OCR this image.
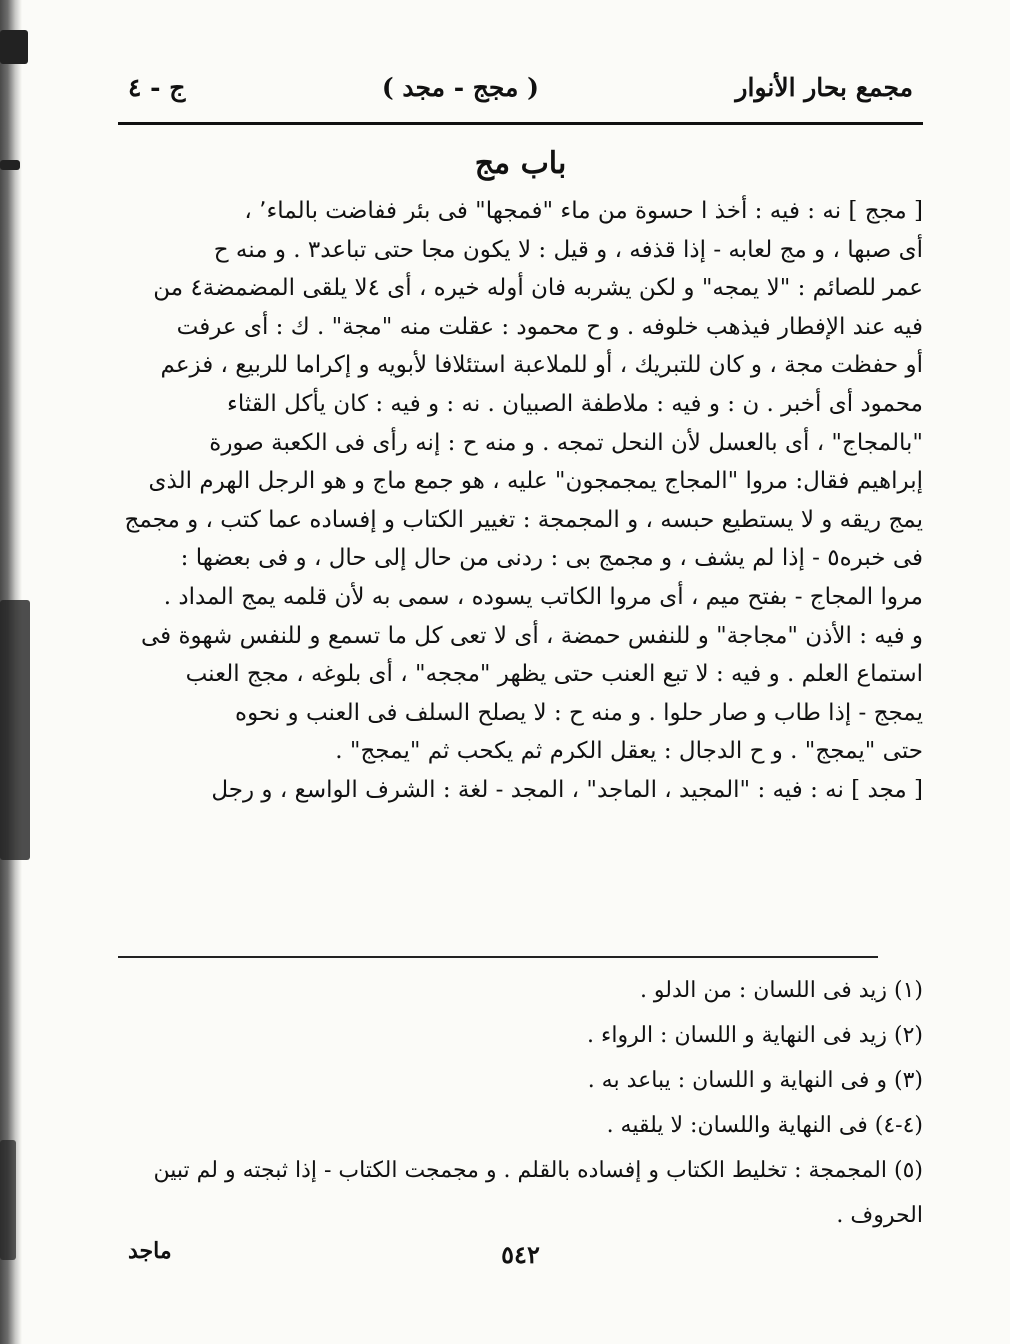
مجمع بحار الأنوار
( مجج - مجد )
ج - ٤
باب مج
[ مجج ] نه : فيه : أخذ ا حسوة من ماء "فمجها" فى بئر ففاضت بالماء٬ ،
أى صبها ، و مج لعابه - إذا قذفه ، و قيل : لا يكون مجا حتى تباعد٣ . و منه ح
عمر للصائم : "لا يمجه" و لكن يشربه فان أوله خيره ، أى ٤لا يلقى المضمضة٤ من
فيه عند الإفطار فيذهب خلوفه . و ح محمود : عقلت منه "مجة" . ك : أى عرفت
أو حفظت مجة ، و كان للتبريك ، أو للملاعبة استئلافا لأبويه و إكراما للربيع ، فزعم
محمود أى أخبر . ن : و فيه : ملاطفة الصبيان . نه : و فيه : كان يأكل القثاء
"بالمجاج" ، أى بالعسل لأن النحل تمجه . و منه ح : إنه رأى فى الكعبة صورة
إبراهيم فقال: مروا "المجاج يمجمجون" عليه ، هو جمع ماج و هو الرجل الهرم الذى
يمج ريقه و لا يستطيع حبسه ، و المجمجة : تغيير الكتاب و إفساده عما كتب ، و مجمج
فى خبره٥ - إذا لم يشف ، و مجمج بى : ردنى من حال إلى حال ، و فى بعضها :
مروا المجاج - بفتح ميم ، أى مروا الكاتب يسوده ، سمى به لأن قلمه يمج المداد .
و فيه : الأذن "مجاجة" و للنفس حمضة ، أى لا تعى كل ما تسمع و للنفس شهوة فى
استماع العلم . و فيه : لا تبع العنب حتى يظهر "مججه" ، أى بلوغه ، مجج العنب
يمجج - إذا طاب و صار حلوا . و منه ح : لا يصلح السلف فى العنب و نحوه
حتى "يمجج" . و ح الدجال : يعقل الكرم ثم يكحب ثم "يمجج" .
[ مجد ] نه : فيه : "المجيد ، الماجد" ، المجد - لغة : الشرف الواسع ، و رجل
(١) زيد فى اللسان : من الدلو .
(٢) زيد فى النهاية و اللسان : الرواء .
(٣) و فى النهاية و اللسان : يباعد به .
(٤-٤) فى النهاية واللسان: لا يلقيه .
(٥) المجمجة : تخليط الكتاب و إفساده بالقلم . و مجمجت الكتاب - إذا ثبجته و لم تبين
الحروف .
٥٤٢
ماجد
